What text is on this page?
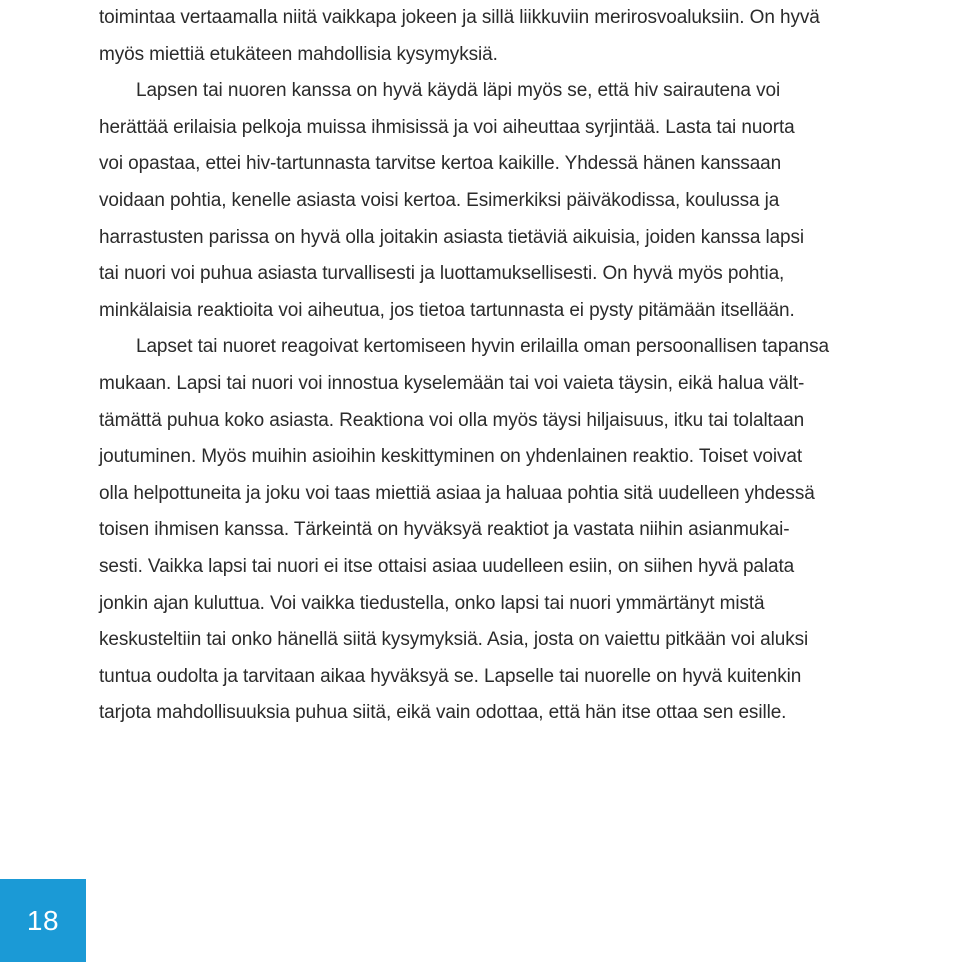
toimintaa vertaamalla niitä vaikkapa jokeen ja sillä liikkuviin merirosvoaluksiin. On hyvä
myös miettiä etukäteen mahdollisia kysymyksiä.
Lapsen tai nuoren kanssa on hyvä käydä läpi myös se, että hiv sairautena voi
herättää erilaisia pelkoja muissa ihmisissä ja voi aiheuttaa syrjintää. Lasta tai nuorta
voi opastaa, ettei hiv-tartunnasta tarvitse kertoa kaikille. Yhdessä hänen kanssaan
voidaan pohtia, kenelle asiasta voisi kertoa. Esimerkiksi päiväkodissa, koulussa ja
harrastusten parissa on hyvä olla joitakin asiasta tietäviä aikuisia, joiden kanssa lapsi
tai nuori voi puhua asiasta turvallisesti ja luottamuksellisesti. On hyvä myös pohtia,
minkälaisia reaktioita voi aiheutua, jos tietoa tartunnasta ei pysty pitämään itsellään.
Lapset tai nuoret reagoivat kertomiseen hyvin erilailla oman persoonallisen tapansa
mukaan. Lapsi tai nuori voi innostua kyselemään tai voi vaieta täysin, eikä halua vält-
tämättä puhua koko asiasta. Reaktiona voi olla myös täysi hiljaisuus, itku tai tolaltaan
joutuminen. Myös muihin asioihin keskittyminen on yhdenlainen reaktio. Toiset voivat
olla helpottuneita ja joku voi taas miettiä asiaa ja haluaa pohtia sitä uudelleen yhdessä
toisen ihmisen kanssa. Tärkeintä on hyväksyä reaktiot ja vastata niihin asianmukai-
sesti. Vaikka lapsi tai nuori ei itse ottaisi asiaa uudelleen esiin, on siihen hyvä palata
jonkin ajan kuluttua. Voi vaikka tiedustella, onko lapsi tai nuori ymmärtänyt mistä
keskusteltiin tai onko hänellä siitä kysymyksiä. Asia, josta on vaiettu pitkään voi aluksi
tuntua oudolta ja tarvitaan aikaa hyväksyä se. Lapselle tai nuorelle on hyvä kuitenkin
tarjota mahdollisuuksia puhua siitä, eikä vain odottaa, että hän itse ottaa sen esille.
18
